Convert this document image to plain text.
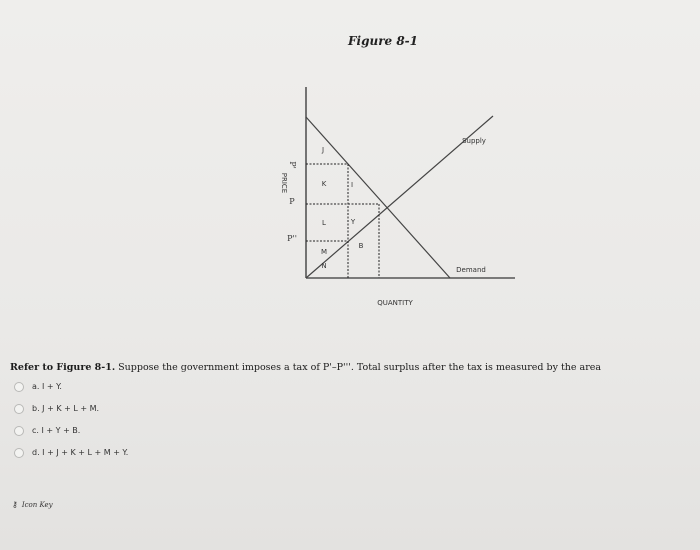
Figure 8-1
PRICE
QUANTITY
P'
P
P''
Supply
Demand
J
K	I
L	Y
M
B
N
Refer to Figure 8-1. Suppose the government imposes a tax of P'–P'''. Total surplus after the tax is measured by the area
a. I + Y.
b. J + K + L + M.
c. I + Y + B.
d. I + J + K + L + M + Y.
⚷ Icon Key
